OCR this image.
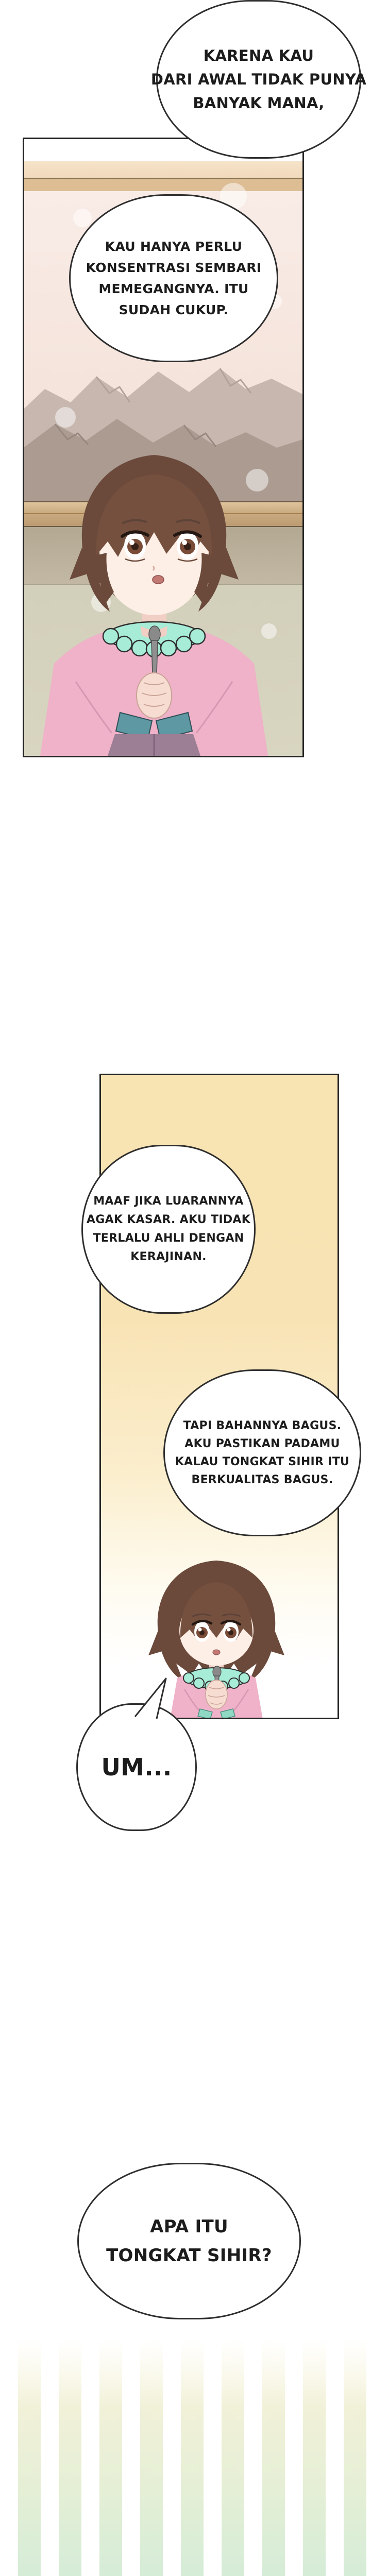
KARENA KAU
DARI AWAL TIDAK PUNYA
BANYAK MANA,
KAU HANYA PERLU
KONSENTRASI SEMBARI
MEMEGANGNYA. ITU
SUDAH CUKUP.
MAAF JIKA LUARANNYA
AGAK KASAR. AKU TIDAK
TERLALU AHLI DENGAN
KERAJINAN.
TAPI BAHANNYA BAGUS.
AKU PASTIKAN PADAMU
KALAU TONGKAT SIHIR ITU
BERKUALITAS BAGUS.
UM...
APA ITU
TONGKAT SIHIR?
